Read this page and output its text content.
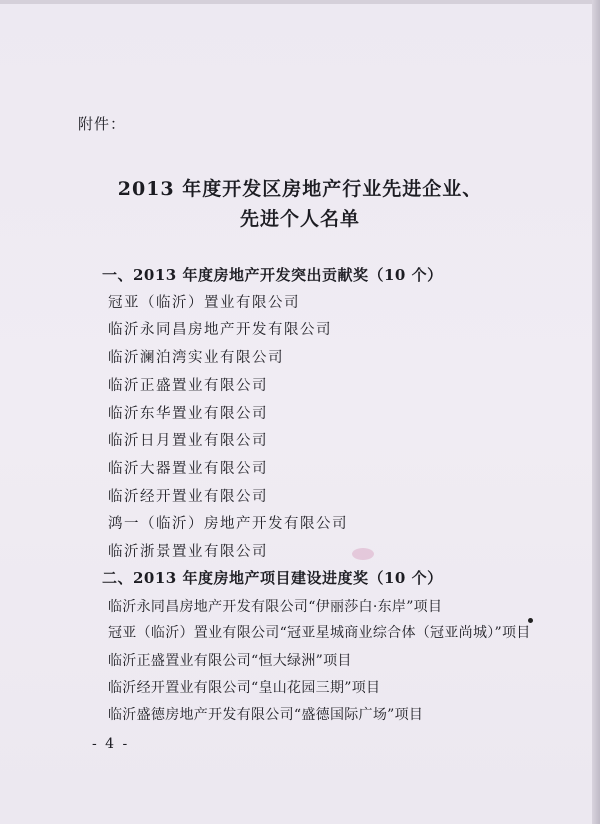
附件：
2013 年度开发区房地产行业先进企业、
先进个人名单
一、2013 年度房地产开发突出贡献奖（10 个）
冠亚（临沂）置业有限公司
临沂永同昌房地产开发有限公司
临沂澜泊湾实业有限公司
临沂正盛置业有限公司
临沂东华置业有限公司
临沂日月置业有限公司
临沂大器置业有限公司
临沂经开置业有限公司
鸿一（临沂）房地产开发有限公司
临沂浙景置业有限公司
二、2013 年度房地产项目建设进度奖（10 个）
临沂永同昌房地产开发有限公司“伊丽莎白·东岸”项目
冠亚（临沂）置业有限公司“冠亚星城商业综合体（冠亚尚城）”项目
临沂正盛置业有限公司“恒大绿洲”项目
临沂经开置业有限公司“皇山花园三期”项目
临沂盛德房地产开发有限公司“盛德国际广场”项目
- 4 -
